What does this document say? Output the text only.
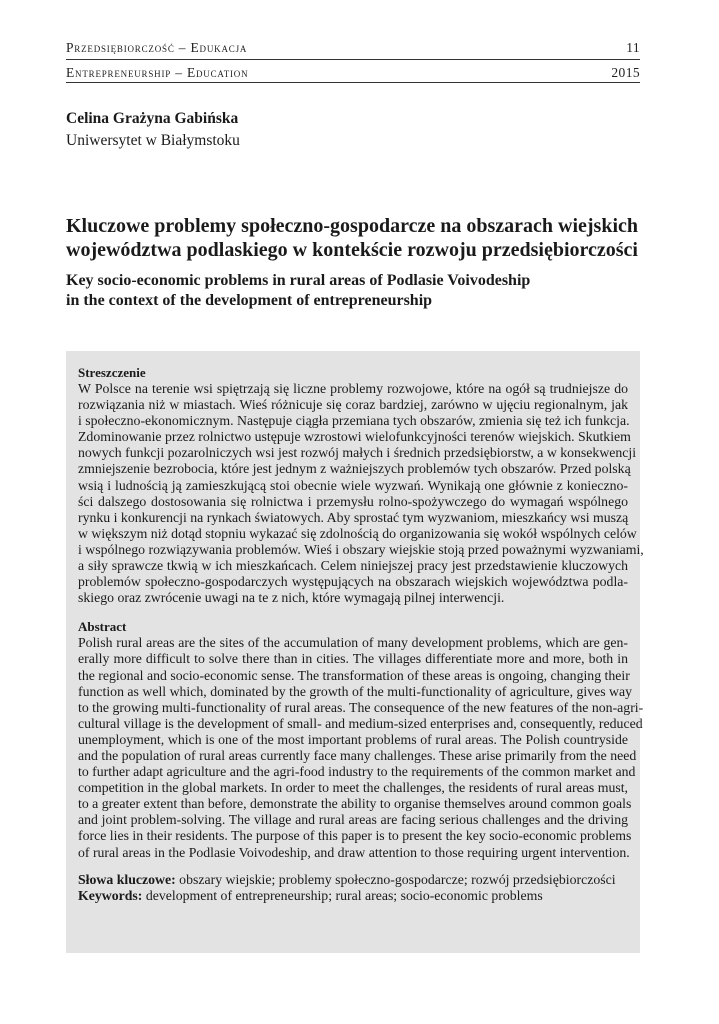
Przedsiębiorczość – Edukacja	11
Entrepreneurship – Education	2015
Celina Grażyna Gabińska
Uniwersytet w Białymstoku
Kluczowe problemy społeczno-gospodarcze na obszarach wiejskich
województwa podlaskiego w kontekście rozwoju przedsiębiorczości
Key socio-economic problems in rural areas of Podlasie Voivodeship
in the context of the development of entrepreneurship
Streszczenie
W Polsce na terenie wsi spiętrzają się liczne problemy rozwojowe, które na ogół są trudniejsze do
rozwiązania niż w miastach. Wieś różnicuje się coraz bardziej, zarówno w ujęciu regionalnym, jak
i społeczno-ekonomicznym. Następuje ciągła przemiana tych obszarów, zmienia się też ich funkcja.
Zdominowanie przez rolnictwo ustępuje wzrostowi wielofunkcyjności terenów wiejskich. Skutkiem
nowych funkcji pozarolniczych wsi jest rozwój małych i średnich przedsiębiorstw, a w konsekwencji
zmniejszenie bezrobocia, które jest jednym z ważniejszych problemów tych obszarów. Przed polską
wsią i ludnością ją zamieszkującą stoi obecnie wiele wyzwań. Wynikają one głównie z konieczno-
ści dalszego dostosowania się rolnictwa i przemysłu rolno-spożywczego do wymagań wspólnego
rynku i konkurencji na rynkach światowych. Aby sprostać tym wyzwaniom, mieszkańcy wsi muszą
w większym niż dotąd stopniu wykazać się zdolnością do organizowania się wokół wspólnych celów
i wspólnego rozwiązywania problemów. Wieś i obszary wiejskie stoją przed poważnymi wyzwaniami,
a siły sprawcze tkwią w ich mieszkańcach. Celem niniejszej pracy jest przedstawienie kluczowych
problemów społeczno-gospodarczych występujących na obszarach wiejskich województwa podla-
skiego oraz zwrócenie uwagi na te z nich, które wymagają pilnej interwencji.
Abstract
Polish rural areas are the sites of the accumulation of many development problems, which are gen-
erally more difficult to solve there than in cities. The villages differentiate more and more, both in
the regional and socio-economic sense. The transformation of these areas is ongoing, changing their
function as well which, dominated by the growth of the multi-functionality of agriculture, gives way
to the growing multi-functionality of rural areas. The consequence of the new features of the non-agri-
cultural village is the development of small- and medium-sized enterprises and, consequently, reduced
unemployment, which is one of the most important problems of rural areas. The Polish countryside
and the population of rural areas currently face many challenges. These arise primarily from the need
to further adapt agriculture and the agri-food industry to the requirements of the common market and
competition in the global markets. In order to meet the challenges, the residents of rural areas must,
to a greater extent than before, demonstrate the ability to organise themselves around common goals
and joint problem-solving. The village and rural areas are facing serious challenges and the driving
force lies in their residents. The purpose of this paper is to present the key socio-economic problems
of rural areas in the Podlasie Voivodeship, and draw attention to those requiring urgent intervention.
Słowa kluczowe: obszary wiejskie; problemy społeczno-gospodarcze; rozwój przedsiębiorczości
Keywords: development of entrepreneurship; rural areas; socio-economic problems
